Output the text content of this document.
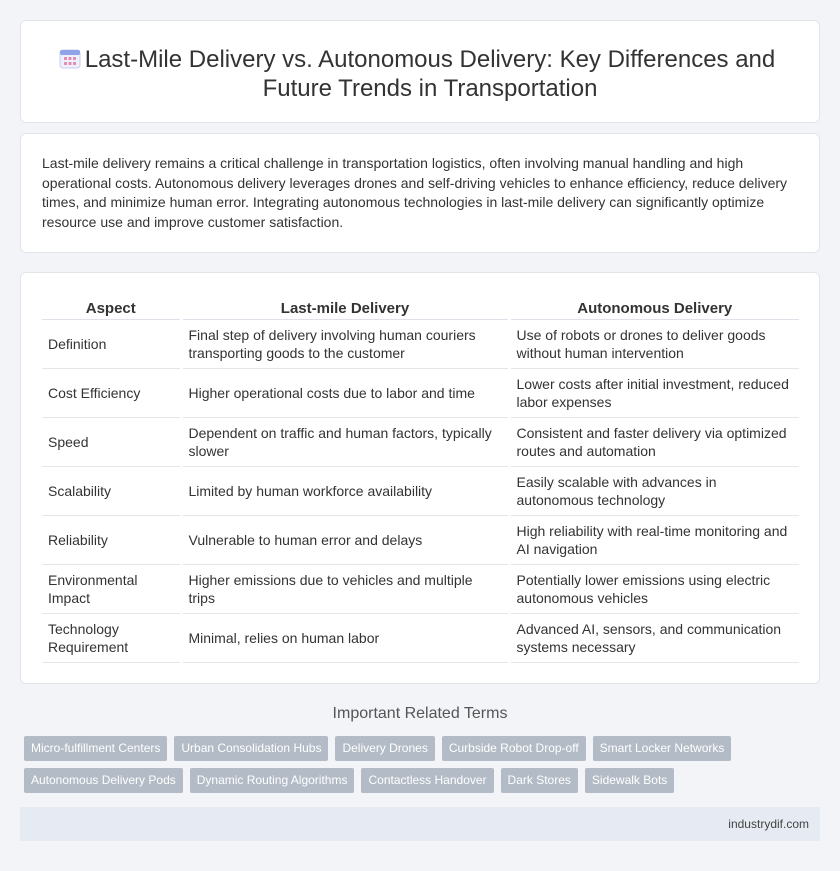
Last-Mile Delivery vs. Autonomous Delivery: Key Differences and Future Trends in Transportation

Last-mile delivery remains a critical challenge in transportation logistics, often involving manual handling and high operational costs. Autonomous delivery leverages drones and self-driving vehicles to enhance efficiency, reduce delivery times, and minimize human error. Integrating autonomous technologies in last-mile delivery can significantly optimize resource use and improve customer satisfaction.

Aspect	Last-mile Delivery	Autonomous Delivery
Definition	Final step of delivery involving human couriers transporting goods to the customer	Use of robots or drones to deliver goods without human intervention
Cost Efficiency	Higher operational costs due to labor and time	Lower costs after initial investment, reduced labor expenses
Speed	Dependent on traffic and human factors, typically slower	Consistent and faster delivery via optimized routes and automation
Scalability	Limited by human workforce availability	Easily scalable with advances in autonomous technology
Reliability	Vulnerable to human error and delays	High reliability with real-time monitoring and AI navigation
Environmental Impact	Higher emissions due to vehicles and multiple trips	Potentially lower emissions using electric autonomous vehicles
Technology Requirement	Minimal, relies on human labor	Advanced AI, sensors, and communication systems necessary
Important Related Terms
Micro-fulfillment Centers	Urban Consolidation Hubs	Delivery Drones	Curbside Robot Drop-off	Smart Locker Networks
Autonomous Delivery Pods	Dynamic Routing Algorithms	Contactless Handover	Dark Stores	Sidewalk Bots
industrydif.com
